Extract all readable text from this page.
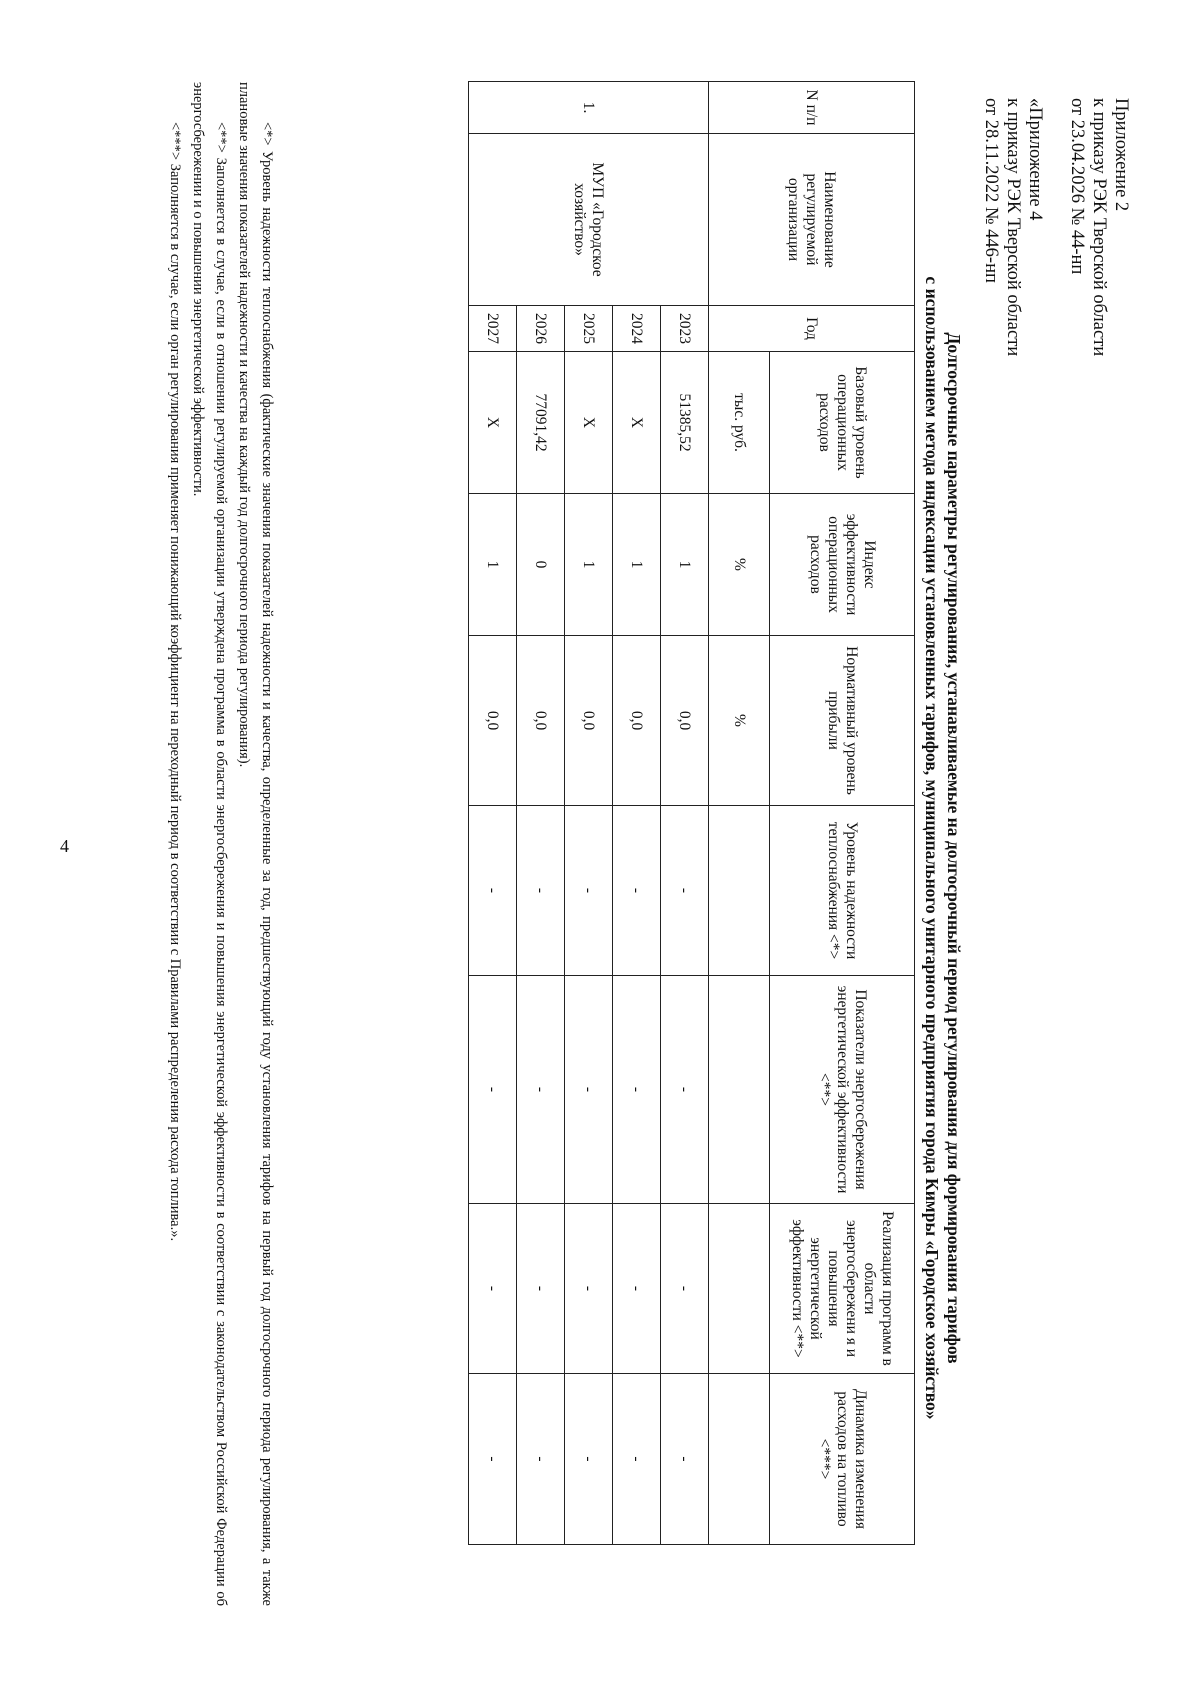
4
Приложение 2
к приказу РЭК Тверской области
от 23.04.2026 № 44-нп
«Приложение 4
к приказу РЭК Тверской области
от 28.11.2022 № 446-нп
Долгосрочные параметры регулирования, устанавливаемые на долгосрочный период регулирования для формирования тарифов
с использованием метода индексации установленных тарифов, муниципального унитарного предприятия города Кимры «Городское хозяйство»
N п/п	Наименование регулируемой организации	Год	Базовый уровень операционных расходов	Индекс эффективности операционных расходов	Нормативный уровень прибыли	Уровень надежности теплоснабжения <*>	Показатели энергосбережения энергетической эффективности <**>	Реализация программ в области энергосбережени я и повышения энергетической эффективности <**>	Динамика изменения расходов на топливо <***>
			тыс. руб.	%	%				
1.	МУП «Городское хозяйство»	2023	51385,52	1	0,0	-	-	-	-
		2024	X	1	0,0	-	-	-	-
		2025	X	1	0,0	-	-	-	-
		2026	77091,42	0	0,0	-	-	-	-
		2027	X	1	0,0	-	-	-	-

<*> Уровень надежности теплоснабжения (фактические значения показателей надежности и качества, определенные за год, предшествующий году установления тарифов на первый год долгосрочного периода регулирования, а также плановые значения показателей надежности и качества на каждый год долгосрочного периода регулирования).

<**> Заполняется в случае, если в отношении регулируемой организации утверждена программа в области энергосбережения и повышения энергетической эффективности в соответствии с законодательством Российской Федерации об энергосбережении и о повышении энергетической эффективности.

<***> Заполняется в случае, если орган регулирования применяет понижающий коэффициент на переходный период в соответствии с Правилами распределения расхода топлива.».
